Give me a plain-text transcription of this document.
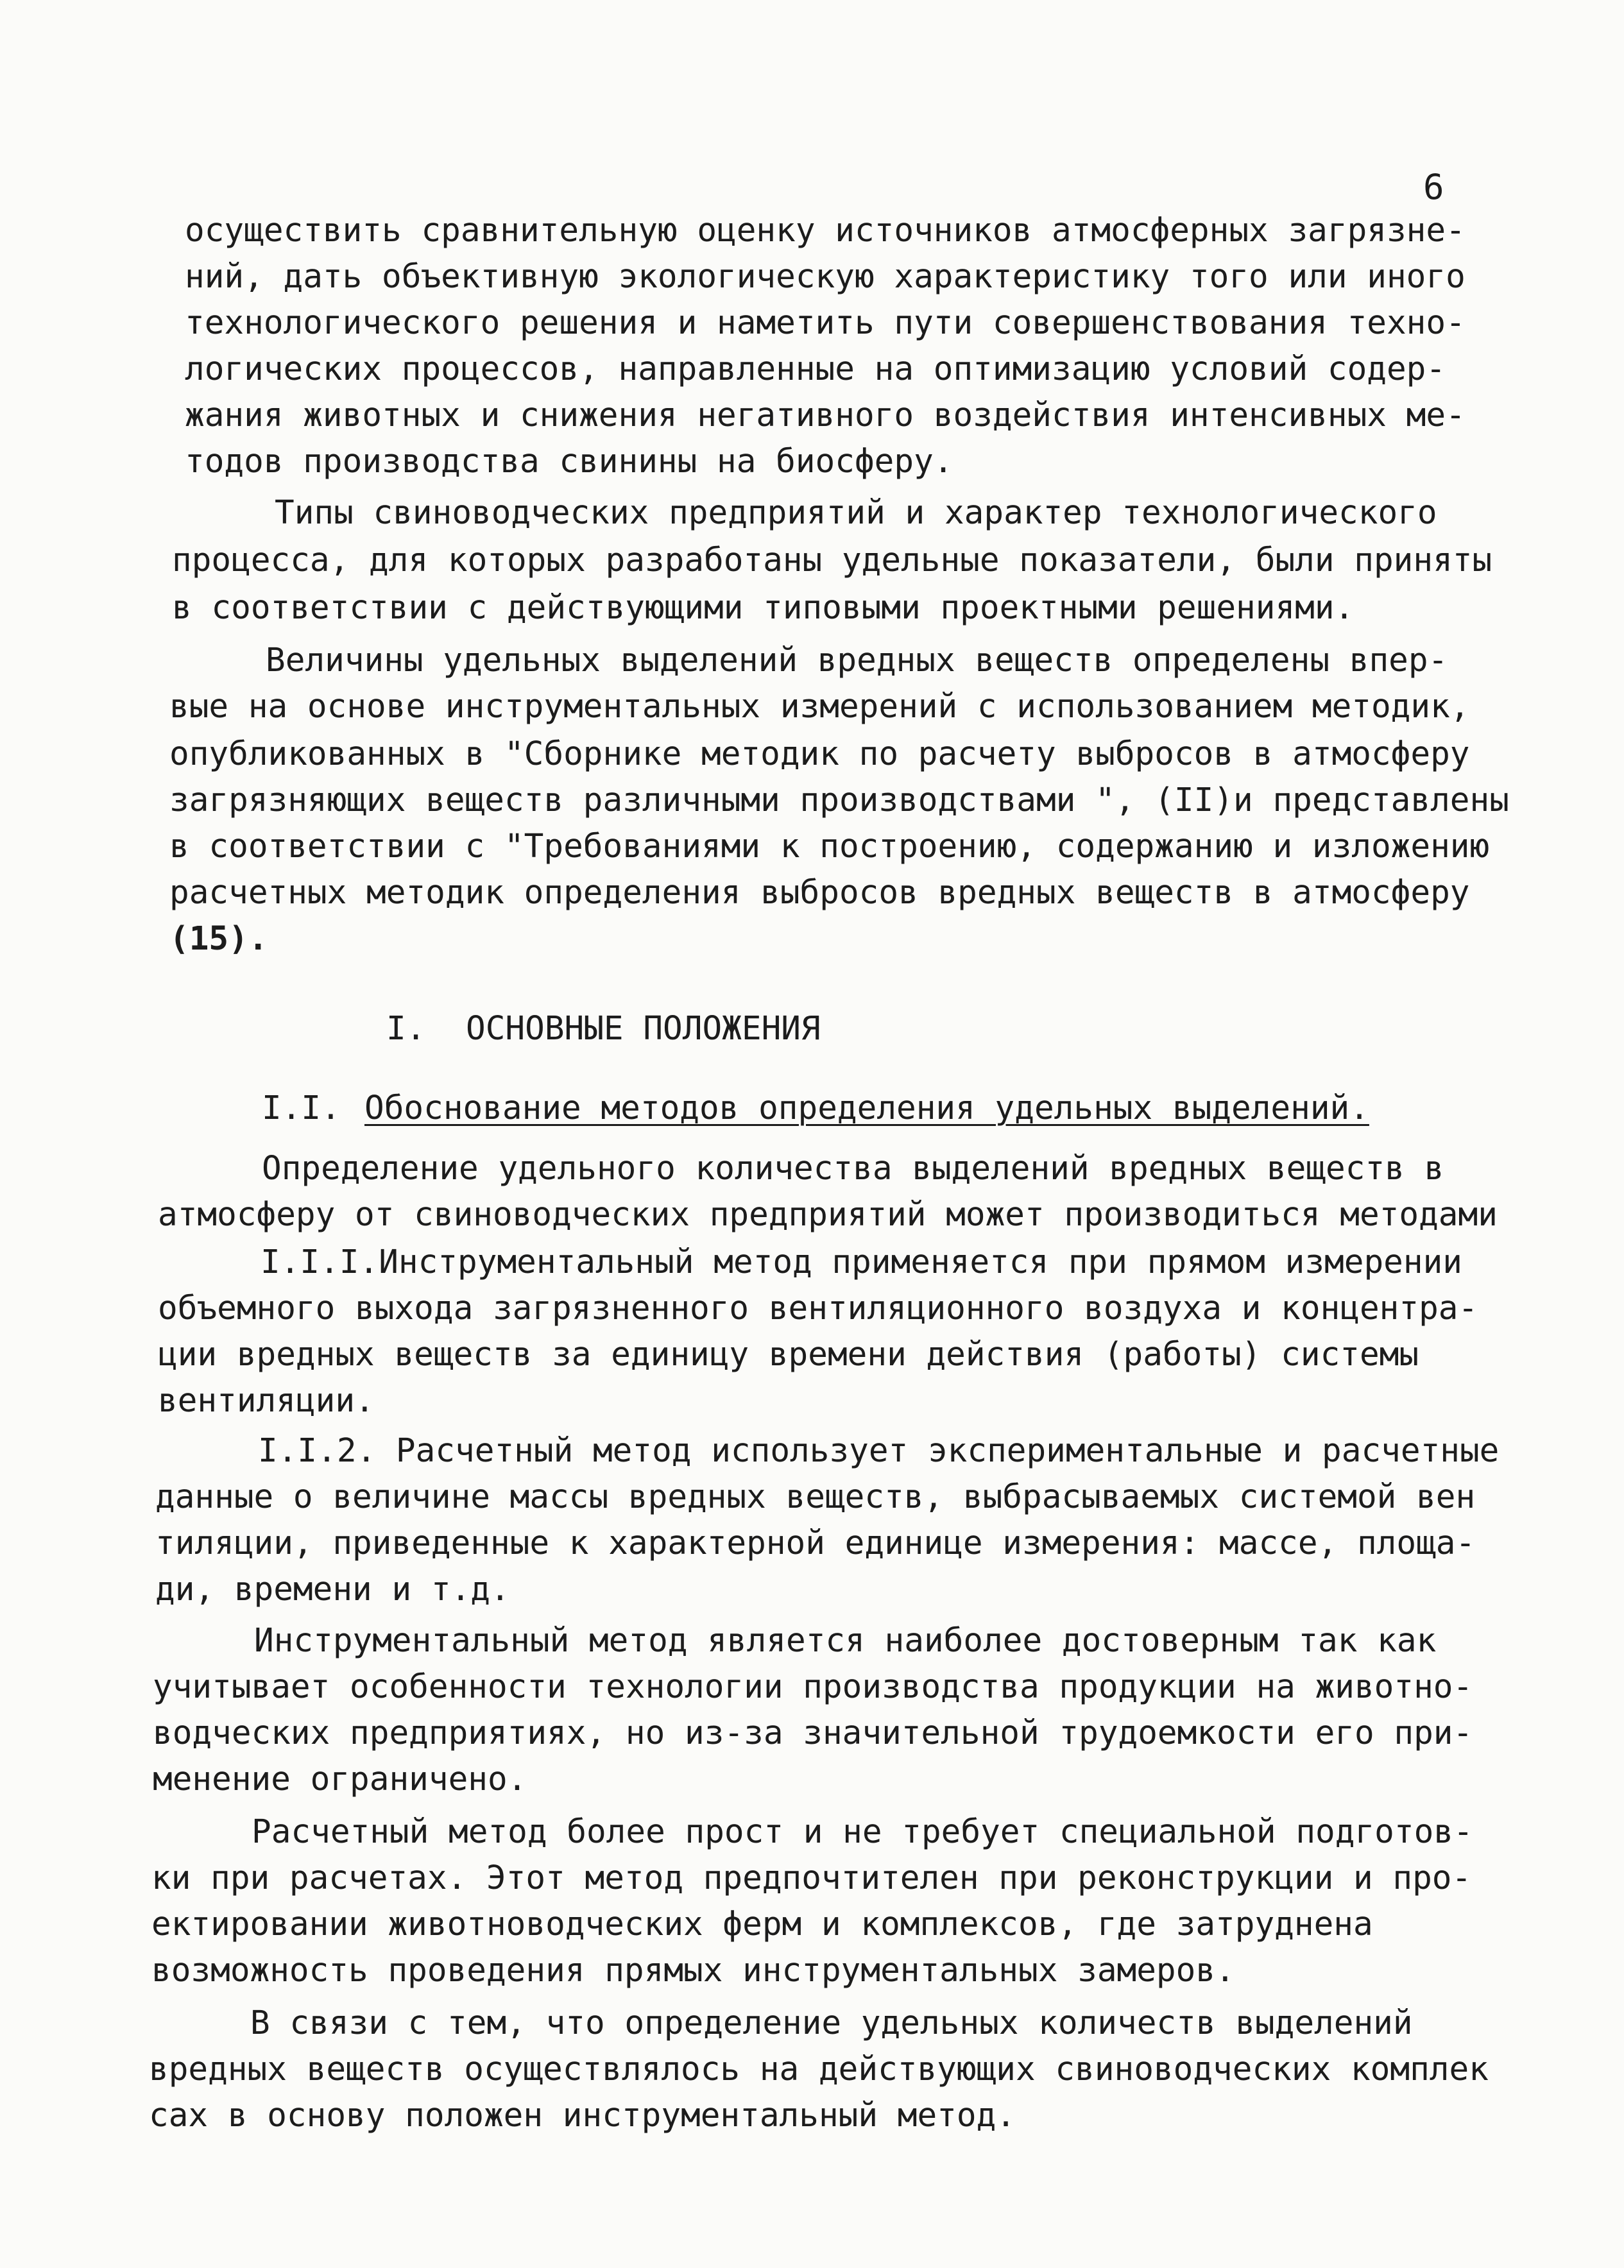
6
осуществить сравнительную оценку источников атмосферных загрязне-
ний, дать объективную экологическую характеристику того или иного
технологического решения и наметить пути совершенствования техно-
логических процессов, направленные на оптимизацию условий содер-
жания животных и снижения негативного воздействия интенсивных ме-
тодов производства свинины на биосферу.
Типы свиноводческих предприятий и характер технологического
процесса, для которых разработаны удельные показатели, были приняты
в соответствии с действующими типовыми проектными решениями.
Величины удельных выделений вредных веществ определены впер-
вые на основе инструментальных измерений с использованием методик,
опубликованных в "Сборнике методик по расчету выбросов в атмосферу
загрязняющих веществ различными производствами ", (II)и представлены
в соответствии с "Требованиями к построению, содержанию и изложению
расчетных методик определения выбросов вредных веществ в атмосферу
(15).
I. ОСНОВНЫЕ ПОЛОЖЕНИЯ
I.I. Обоснование методов определения удельных выделений.
Определение удельного количества выделений вредных веществ в
атмосферу от свиноводческих предприятий может производиться методами
I.I.I.Инструментальный метод применяется при прямом измерении
объемного выхода загрязненного вентиляционного воздуха и концентра-
ции вредных веществ за единицу времени действия (работы) системы
вентиляции.
I.I.2. Расчетный метод использует экспериментальные и расчетные
данные о величине массы вредных веществ, выбрасываемых системой вен
тиляции, приведенные к характерной единице измерения: массе, площа-
ди, времени и т.д.
Инструментальный метод является наиболее достоверным так как
учитывает особенности технологии производства продукции на животно-
водческих предприятиях, но из-за значительной трудоемкости его при-
менение ограничено.
Расчетный метод более прост и не требует специальной подготов-
ки при расчетах. Этот метод предпочтителен при реконструкции и про-
ектировании животноводческих ферм и комплексов, где затруднена
возможность проведения прямых инструментальных замеров.
В связи с тем, что определение удельных количеств выделений
вредных веществ осуществлялось на действующих свиноводческих комплек
сах в основу положен инструментальный метод.
